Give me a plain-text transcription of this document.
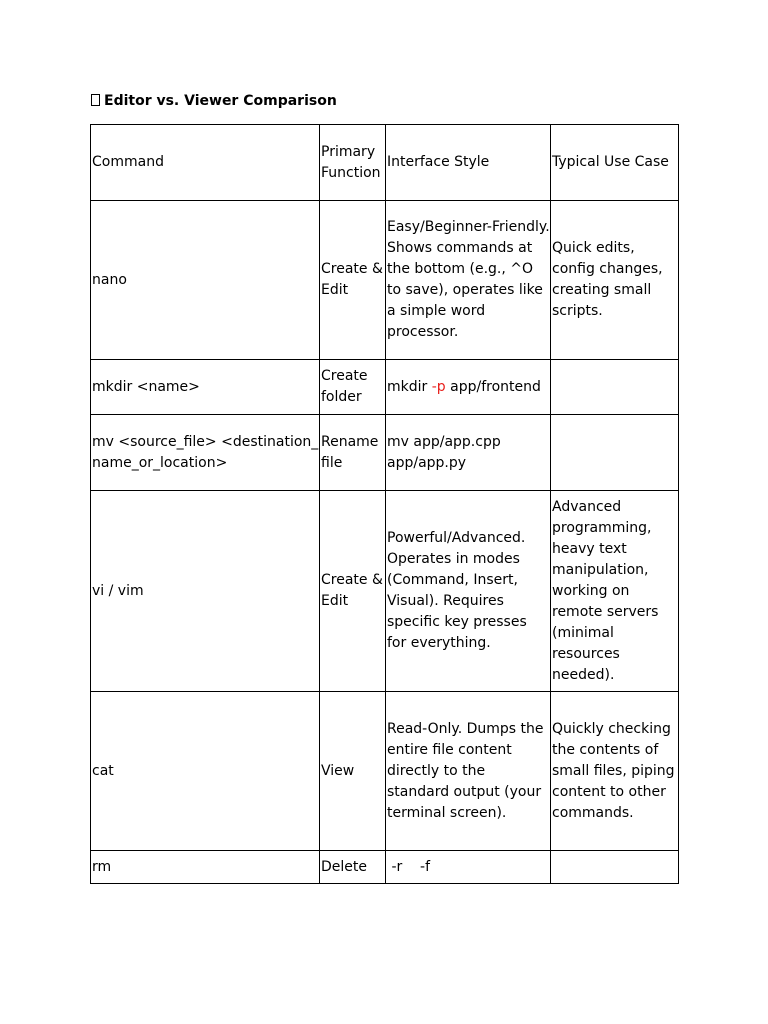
Editor vs. Viewer Comparison
Command	Primary Function	Interface Style	Typical Use Case
nano	Create & Edit	Easy/Beginner-Friendly. Shows commands at the bottom (e.g., ^O to save), operates like a simple word processor.	Quick edits, config changes, creating small scripts.
mkdir <name>	Create folder	mkdir -p app/frontend	
mv <source_file> <destination_name_or_location>	Rename file	mv app/app.cpp app/app.py	
vi / vim	Create & Edit	Powerful/Advanced. Operates in modes (Command, Insert, Visual). Requires specific key presses for everything.	Advanced programming, heavy text manipulation, working on remote servers (minimal resources needed).
cat	View	Read-Only. Dumps the entire file content directly to the standard output (your terminal screen).	Quickly checking the contents of small files, piping content to other commands.
rm	Delete	-r    -f	
